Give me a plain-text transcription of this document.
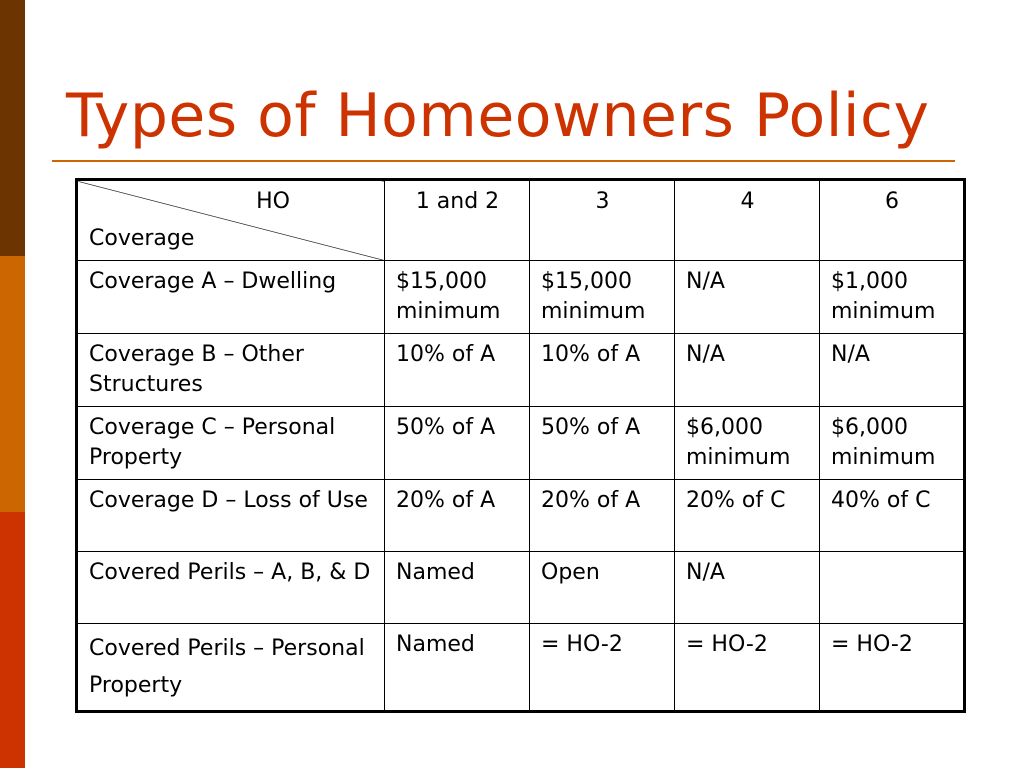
Types of Homeowners Policy
HO
Coverage	1 and 2	3	4	6
Coverage A – Dwelling	$15,000 minimum	$15,000 minimum	N/A	$1,000 minimum
Coverage B – Other Structures	10% of A	10% of A	N/A	N/A
Coverage C – Personal Property	50% of A	50% of A	$6,000 minimum	$6,000 minimum
Coverage D – Loss of Use	20% of A	20% of A	20% of C	40% of C
Covered Perils – A, B, & D	Named	Open	N/A	

Covered Perils – Personal Property	Named	= HO-2	= HO-2	= HO-2
